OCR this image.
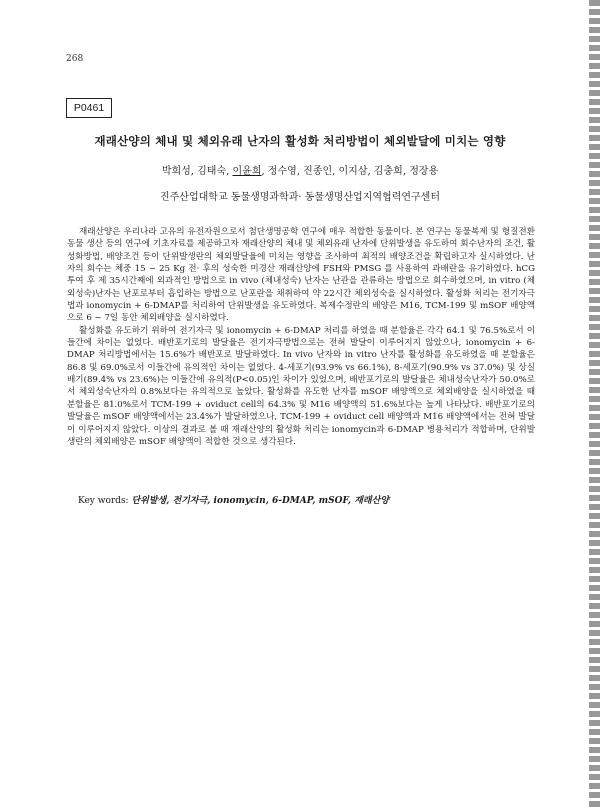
268
P0461
재래산양의 체내 및 체외유래 난자의 활성화 처리방법이 체외발달에 미치는 영향
박희성, 김태숙, 이윤희, 정수영, 진종인, 이지삼, 김충희, 정장용
진주산업대학교 동물생명과학과· 동물생명산업지역협력연구센터

재래산양은 우리나라 고유의 유전자원으로서 첨단생명공학 연구에 매우 적합한 동물이다. 본 연구는 동물복제 및 형질전환동물 생산 등의 연구에 기초자료를 제공하고자 재래산양의 체내 및 체외유래 난자에 단위발생을 유도하여 회수난자의 조건, 활성화방법, 배양조건 등이 단위발생란의 체외발달율에 미치는 영향을 조사하여 최적의 배양조건을 확립하고자 실시하였다. 난자의 회수는 체중 15 ~ 25 Kg 전· 후의 성숙한 미경산 재래산양에 FSH와 PMSG 를 사용하여 과배란을 유기하였다. hCG 투여 후 제 35시간째에 외과적인 방법으로 in vivo (체내성숙) 난자는 난관을 관류하는 방법으로 회수하였으며, in vitro (체외성숙)난자는 난포로부터 흡입하는 방법으로 난포란을 채취하여 약 22시간 체외성숙을 실시하였다. 활성화 처리는 전기자극법과 ionomycin + 6-DMAP를 처리하여 단위발생을 유도하였다. 복제수정란의 배양은 M16, TCM-199 및 mSOF 배양액으로 6 ~ 7일 동안 체외배양을 실시하였다.

활성화를 유도하기 위하여 전기자극 및 ionomycin + 6-DMAP 처리를 하였을 때 분할율은 각각 64.1 및 76.5%로서 이들간에 차이는 없었다. 배반포기로의 발달율은 전기자극방법으로는 전혀 발달이 이루어지지 않았으나, ionomycin + 6-DMAP 처리방법에서는 15.6%가 배반포로 발달하였다. In vivo 난자와 in vitro 난자를 활성화를 유도하였을 때 분할율은 86.8 및 69.0%로서 이들간에 유의적인 차이는 없었다. 4-세포기(93.9% vs 66.1%), 8-세포기(90.9% vs 37.0%) 및 상실배기(89.4% vs 23.6%)는 이들간에 유의적(P<0.05)인 차이가 있었으며, 배반포기로의 발달율은 체내성숙난자가 50.0%로서 체외성숙난자의 0.8%보다는 유의적으로 높았다. 활성화를 유도한 난자를 mSOF 배양액으로 체외배양을 실시하였을 때 분할율은 81.0%로서 TCM-199 + oviduct cell의 64.3% 및 M16 배양액의 51.6%보다는 높게 나타났다. 배반포기로의 발달율은 mSOF 배양액에서는 23.4%가 발달하였으나, TCM-199 + oviduct cell 배양액과 M16 배양액에서는 전혀 발달이 이루어지지 않았다. 이상의 결과로 볼 때 재래산양의 활성화 처리는 ionomycin과 6-DMAP 병용처리가 적합하며, 단위발생란의 체외배양은 mSOF 배양액이 적합한 것으로 생각된다.

Key words: 단위발생, 전기자극, ionomycin, 6-DMAP, mSOF, 재래산양
